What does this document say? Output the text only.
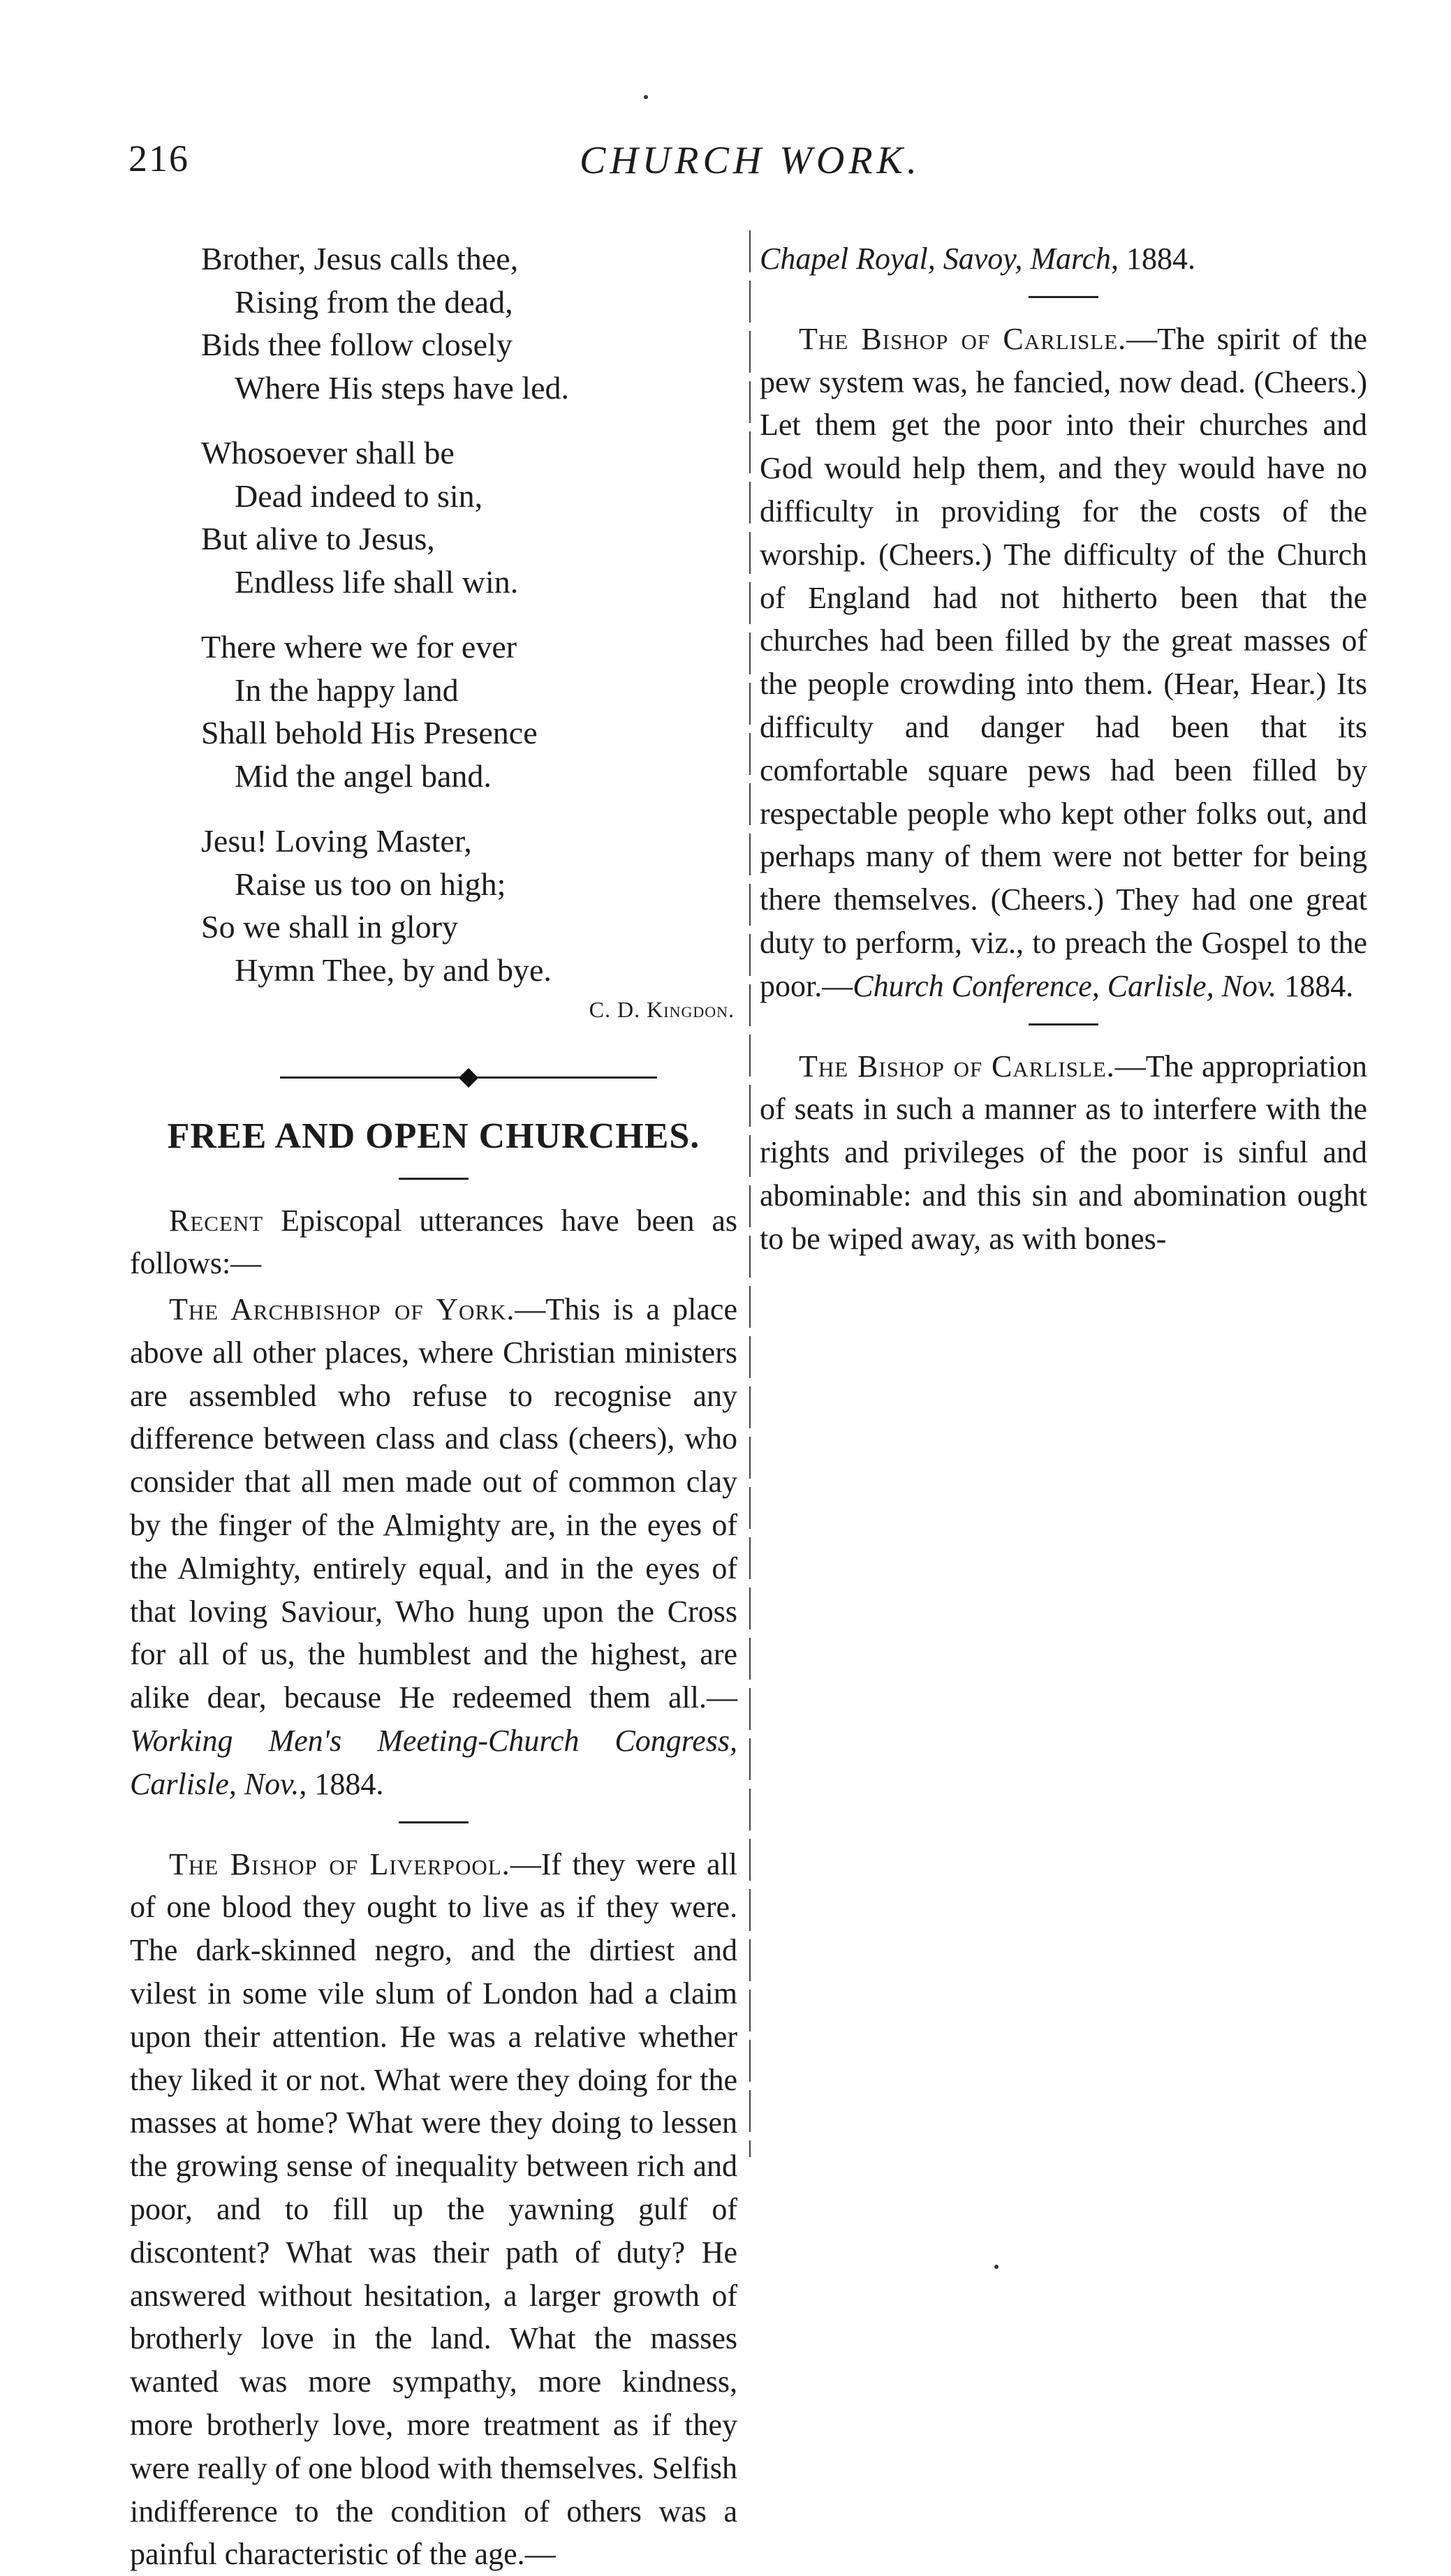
216	CHURCH WORK.
Brother, Jesus calls thee,
Rising from the dead,
Bids thee follow closely
Where His steps have led.
Whosoever shall be
Dead indeed to sin,
But alive to Jesus,
Endless life shall win.
There where we for ever
In the happy land
Shall behold His Presence
Mid the angel band.
Jesu! Loving Master,
Raise us too on high;
So we shall in glory
Hymn Thee, by and bye.
C. D. Kingdon.
FREE AND OPEN CHURCHES.

Recent Episcopal utterances have been as follows:—

The Archbishop of York.—This is a place above all other places, where Christian ministers are assembled who refuse to recognise any difference between class and class (cheers), who consider that all men made out of common clay by the finger of the Almighty are, in the eyes of the Almighty, entirely equal, and in the eyes of that loving Saviour, Who hung upon the Cross for all of us, the humblest and the highest, are alike dear, because He redeemed them all.—Working Men's Meeting-Church Congress, Carlisle, Nov., 1884.

The Bishop of Liverpool.—If they were all of one blood they ought to live as if they were. The dark-skinned negro, and the dirtiest and vilest in some vile slum of London had a claim upon their attention. He was a relative whether they liked it or not. What were they doing for the masses at home? What were they doing to lessen the growing sense of inequality between rich and poor, and to fill up the yawning gulf of discontent? What was their path of duty? He answered without hesitation, a larger growth of brotherly love in the land. What the masses wanted was more sympathy, more kindness, more brotherly love, more treatment as if they were really of one blood with themselves. Selfish indifference to the condition of others was a painful characteristic of the age.—

Chapel Royal, Savoy, March, 1884.

The Bishop of Carlisle.—The spirit of the pew system was, he fancied, now dead. (Cheers.) Let them get the poor into their churches and God would help them, and they would have no difficulty in providing for the costs of the worship. (Cheers.) The difficulty of the Church of England had not hitherto been that the churches had been filled by the great masses of the people crowding into them. (Hear, Hear.) Its difficulty and danger had been that its comfortable square pews had been filled by respectable people who kept other folks out, and perhaps many of them were not better for being there themselves. (Cheers.) They had one great duty to perform, viz., to preach the Gospel to the poor.—Church Conference, Carlisle, Nov. 1884.

The Bishop of Carlisle.—The appropriation of seats in such a manner as to interfere with the rights and privileges of the poor is sinful and abominable: and this sin and abomination ought to be wiped away, as with bones-
